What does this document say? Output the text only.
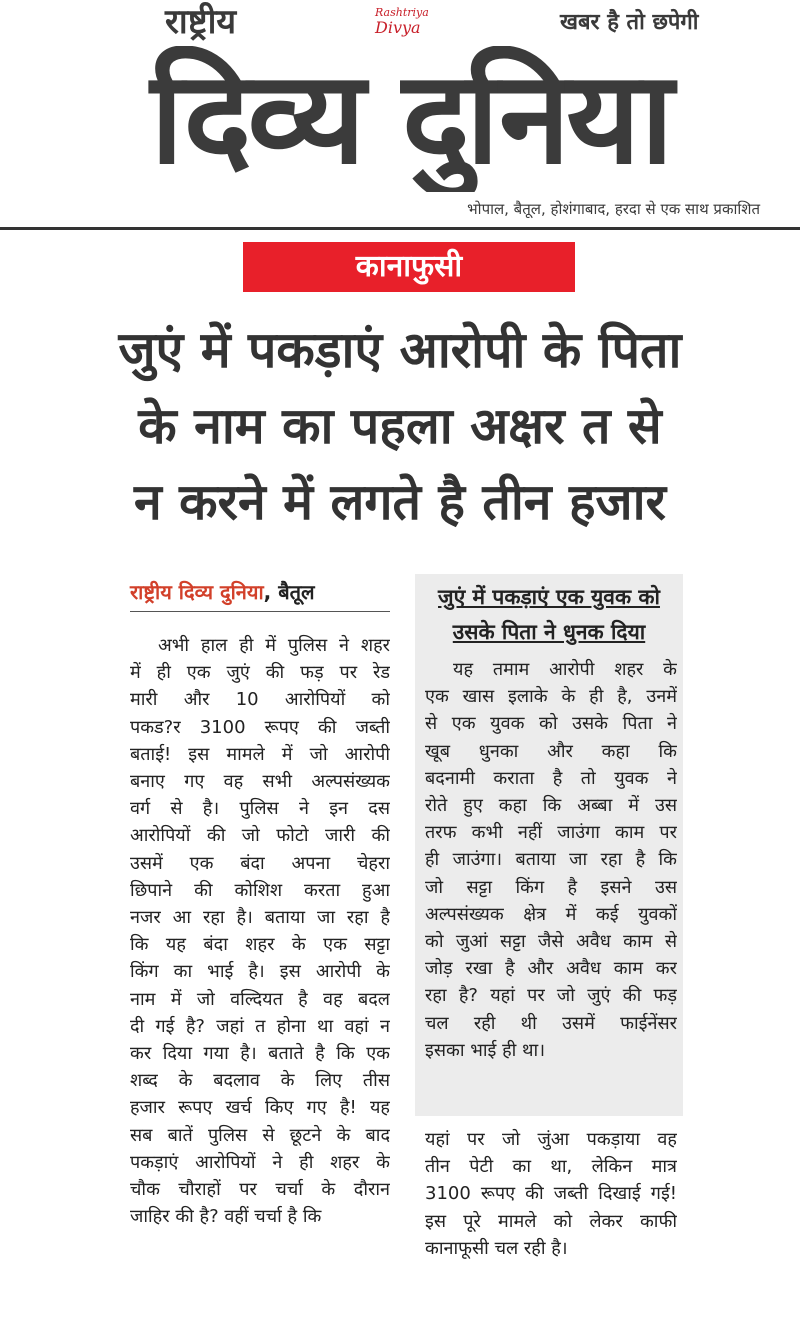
राष्ट्रीय	Rashtriya
Divya	खबर है तो छपेगी
दिव्य दुनिया
भोपाल, बैतूल, होशंगाबाद, हरदा से एक साथ प्रकाशित
कानाफुसी
जुएं में पकड़ाएं आरोपी के पिता
के नाम का पहला अक्षर त से
न करने में लगते है तीन हजार
राष्ट्रीय दिव्य दुनिया, बैतूल
अभी हाल ही में पुलिस ने शहर
में ही एक जुएं की फड़ पर रेड
मारी और 10 आरोपियों को
पकड?र 3100 रूपए की जब्ती
बताई! इस मामले में जो आरोपी
बनाए गए वह सभी अल्पसंख्यक
वर्ग से है। पुलिस ने इन दस
आरोपियों की जो फोटो जारी की
उसमें एक बंदा अपना चेहरा
छिपाने की कोशिश करता हुआ
नजर आ रहा है। बताया जा रहा है
कि यह बंदा शहर के एक सट्टा
किंग का भाई है। इस आरोपी के
नाम में जो वल्दियत है वह बदल
दी गई है? जहां त होना था वहां न
कर दिया गया है। बताते है कि एक
शब्द के बदलाव के लिए तीस
हजार रूपए खर्च किए गए है! यह
सब बातें पुलिस से छूटने के बाद
पकड़ाएं आरोपियों ने ही शहर के
चौक चौराहों पर चर्चा के दौरान
जाहिर की है? वहीं चर्चा है कि
जुएं में पकड़ाएं एक युवक को
उसके पिता ने धुनक दिया
यह तमाम आरोपी शहर के
एक खास इलाके के ही है, उनमें
से एक युवक को उसके पिता ने
खूब धुनका और कहा कि
बदनामी कराता है तो युवक ने
रोते हुए कहा कि अब्बा में उस
तरफ कभी नहीं जाउंगा काम पर
ही जाउंगा। बताया जा रहा है कि
जो सट्टा किंग है इसने उस
अल्पसंख्यक क्षेत्र में कई युवकों
को जुआं सट्टा जैसे अवैध काम से
जोड़ रखा है और अवैध काम कर
रहा है? यहां पर जो जुएं की फड़
चल रही थी उसमें फाईनेंसर
इसका भाई ही था।
यहां पर जो जुंआ पकड़ाया वह
तीन पेटी का था, लेकिन मात्र
3100 रूपए की जब्ती दिखाई गई!
इस पूरे मामले को लेकर काफी
कानाफूसी चल रही है।
